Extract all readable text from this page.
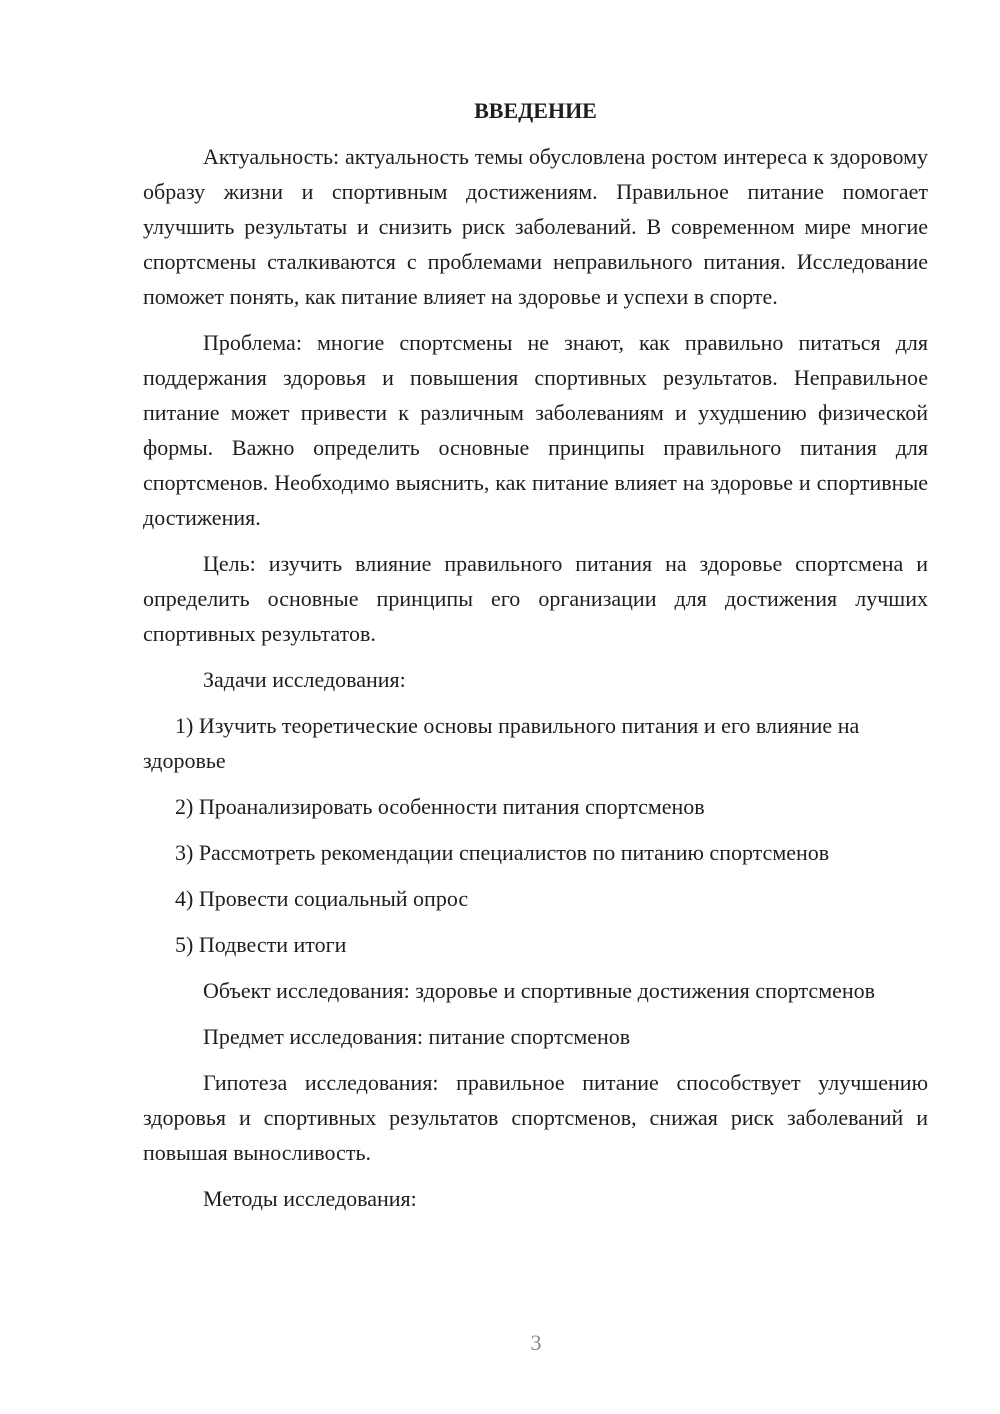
ВВЕДЕНИЕ

Актуальность: актуальность темы обусловлена ростом интереса к здоровому образу жизни и спортивным достижениям. Правильное питание помогает улучшить результаты и снизить риск заболеваний. В современном мире многие спортсмены сталкиваются с проблемами неправильного питания. Исследование поможет понять, как питание влияет на здоровье и успехи в спорте.

Проблема: многие спортсмены не знают, как правильно питаться для поддержания здоровья и повышения спортивных результатов. Неправильное питание может привести к различным заболеваниям и ухудшению физической формы. Важно определить основные принципы правильного питания для спортсменов. Необходимо выяснить, как питание влияет на здоровье и спортивные достижения.

Цель: изучить влияние правильного питания на здоровье спортсмена и определить основные принципы его организации для достижения лучших спортивных результатов.

Задачи исследования:

1) Изучить теоретические основы правильного питания и его влияние на здоровье

2) Проанализировать особенности питания спортсменов

3) Рассмотреть рекомендации специалистов по питанию спортсменов

4) Провести социальный опрос

5) Подвести итоги

Объект исследования: здоровье и спортивные достижения спортсменов

Предмет исследования: питание спортсменов

Гипотеза исследования: правильное питание способствует улучшению здоровья и спортивных результатов спортсменов, снижая риск заболеваний и повышая выносливость.

Методы исследования:

3
